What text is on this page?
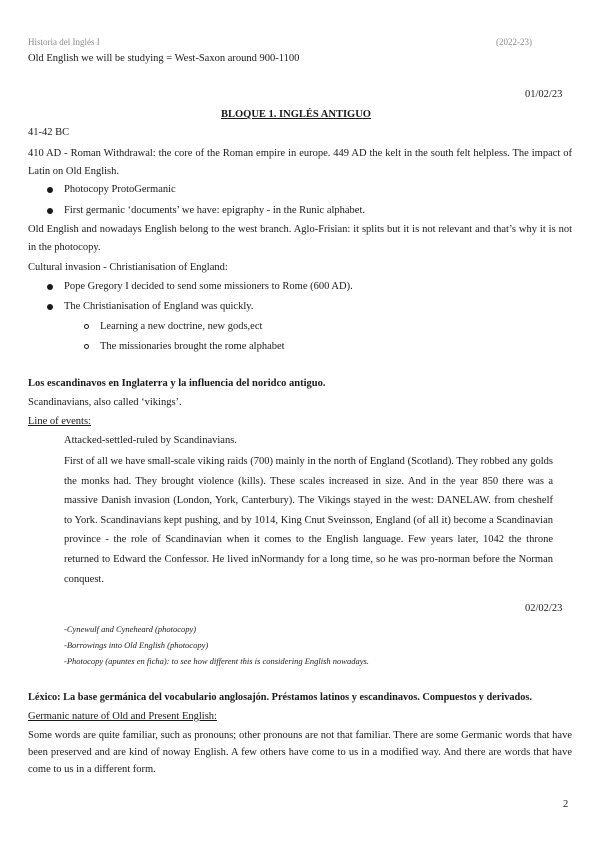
Historia del Inglés I	(2022-23)
Old English we will be studying = West-Saxon around 900-1100
01/02/23
BLOQUE 1. INGLÉS ANTIGUO
41-42 BC
410 AD - Roman Withdrawal: the core of the Roman empire in europe. 449 AD the kelt in the south felt helpless. The impact of Latin on Old English.
Photocopy ProtoGermanic
First germanic ‘documents’ we have: epigraphy - in the Runic alphabet.
Old English and nowadays English belong to the west branch. Aglo-Frisian: it splits but it is not relevant and that’s why it is not in the photocopy.
Cultural invasion - Christianisation of England:
Pope Gregory I decided to send some missioners to Rome (600 AD).
The Christianisation of England was quickly.
Learning a new doctrine, new gods,ect
The missionaries brought the rome alphabet
Los escandinavos en Inglaterra y la influencia del noridco antiguo.
Scandinavians, also called ‘vikings’.
Line of events:
Attacked-settled-ruled by Scandinavians.
First of all we have small-scale viking raids (700) mainly in the north of England (Scotland). They robbed any golds the monks had. They brought violence (kills). These scales increased in size. And in the year 850 there was a massive Danish invasion (London, York, Canterbury). The Vikings stayed in the west: DANELAW. from cheshelf to York. Scandinavians kept pushing, and by 1014, King Cnut Sveinsson, England (of all it) become a Scandinavian province - the role of Scandinavian when it comes to the English language. Few years later, 1042 the throne returned to Edward the Confessor. He lived inNormandy for a long time, so he was pro-norman before the Norman conquest.
02/02/23
-Cynewulf and Cyneheard (photocopy)
-Borrowings into Old English (photocopy)
-Photocopy (apuntes en ficha): to see how different this is considering English nowadays.
Léxico: La base germánica del vocabulario anglosajón. Préstamos latinos y escandinavos. Compuestos y derivados.
Germanic nature of Old and Present English:
Some words are quite familiar, such as pronouns; other pronouns are not that familiar. There are some Germanic words that have been preserved and are kind of noway English. A few others have come to us in a modified way. And there are words that have come to us in a different form.
2
